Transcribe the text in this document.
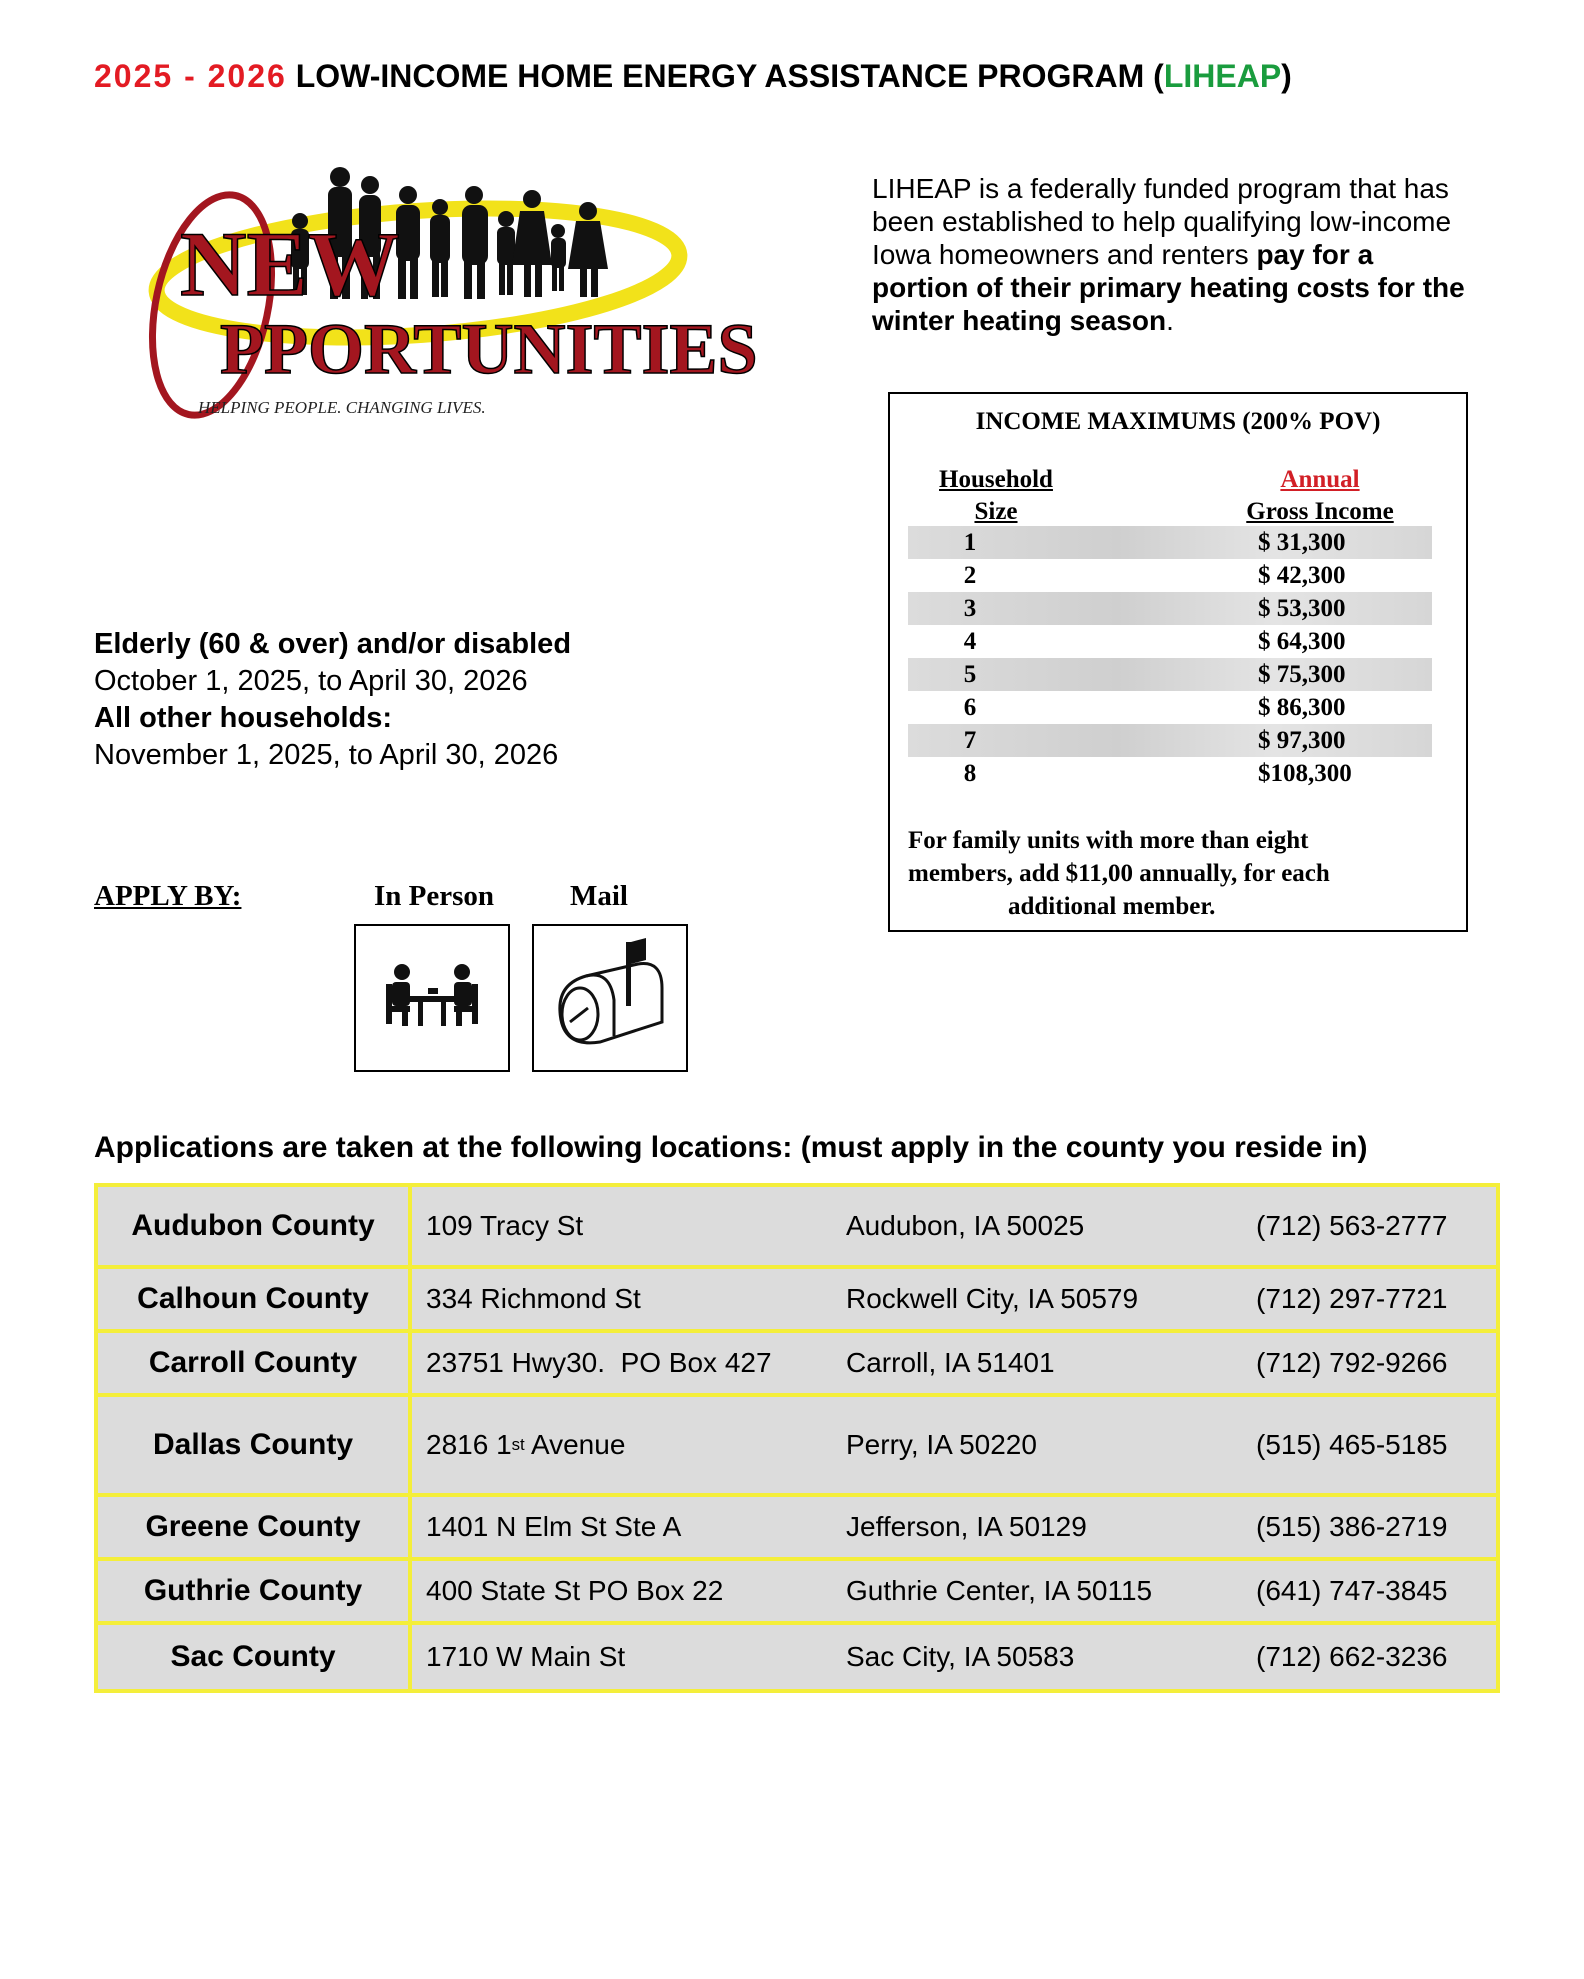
2025 - 2026 LOW-INCOME HOME ENERGY ASSISTANCE PROGRAM (LIHEAP)
NEW
PPORTUNITIES
HELPING PEOPLE. CHANGING LIVES.
LIHEAP is a federally funded program that has been established to help qualifying low-income Iowa homeowners and renters pay for a portion of their primary heating costs for the winter heating season.
INCOME MAXIMUMS (200% POV)
Household
Size
Annual
Gross Income
1	$ 31,300
2	$ 42,300
3	$ 53,300
4	$ 64,300
5	$ 75,300
6	$ 86,300
7	$ 97,300
8	$108,300
For family units with more than eight
members, add $11,00 annually, for each
additional member.
Elderly (60 & over) and/or disabled
October 1, 2025, to April 30, 2026
All other households:
November 1, 2025, to April 30, 2026
APPLY BY:	In Person	Mail
Applications are taken at the following locations: (must apply in the county you reside in)
Audubon County	109 Tracy St	Audubon, IA 50025	(712) 563-2777
Calhoun County	334 Richmond St	Rockwell City, IA 50579	(712) 297-7721
Carroll County	23751 Hwy30.  PO Box 427	Carroll, IA 51401	(712) 792-9266
Dallas County	2816 1 st Avenue	Perry, IA 50220	(515) 465-5185
Greene County	1401 N Elm St Ste A	Jefferson, IA 50129	(515) 386-2719
Guthrie County	400 State St PO Box 22	Guthrie Center, IA 50115	(641) 747-3845
Sac County	1710 W Main St	Sac City, IA 50583	(712) 662-3236
